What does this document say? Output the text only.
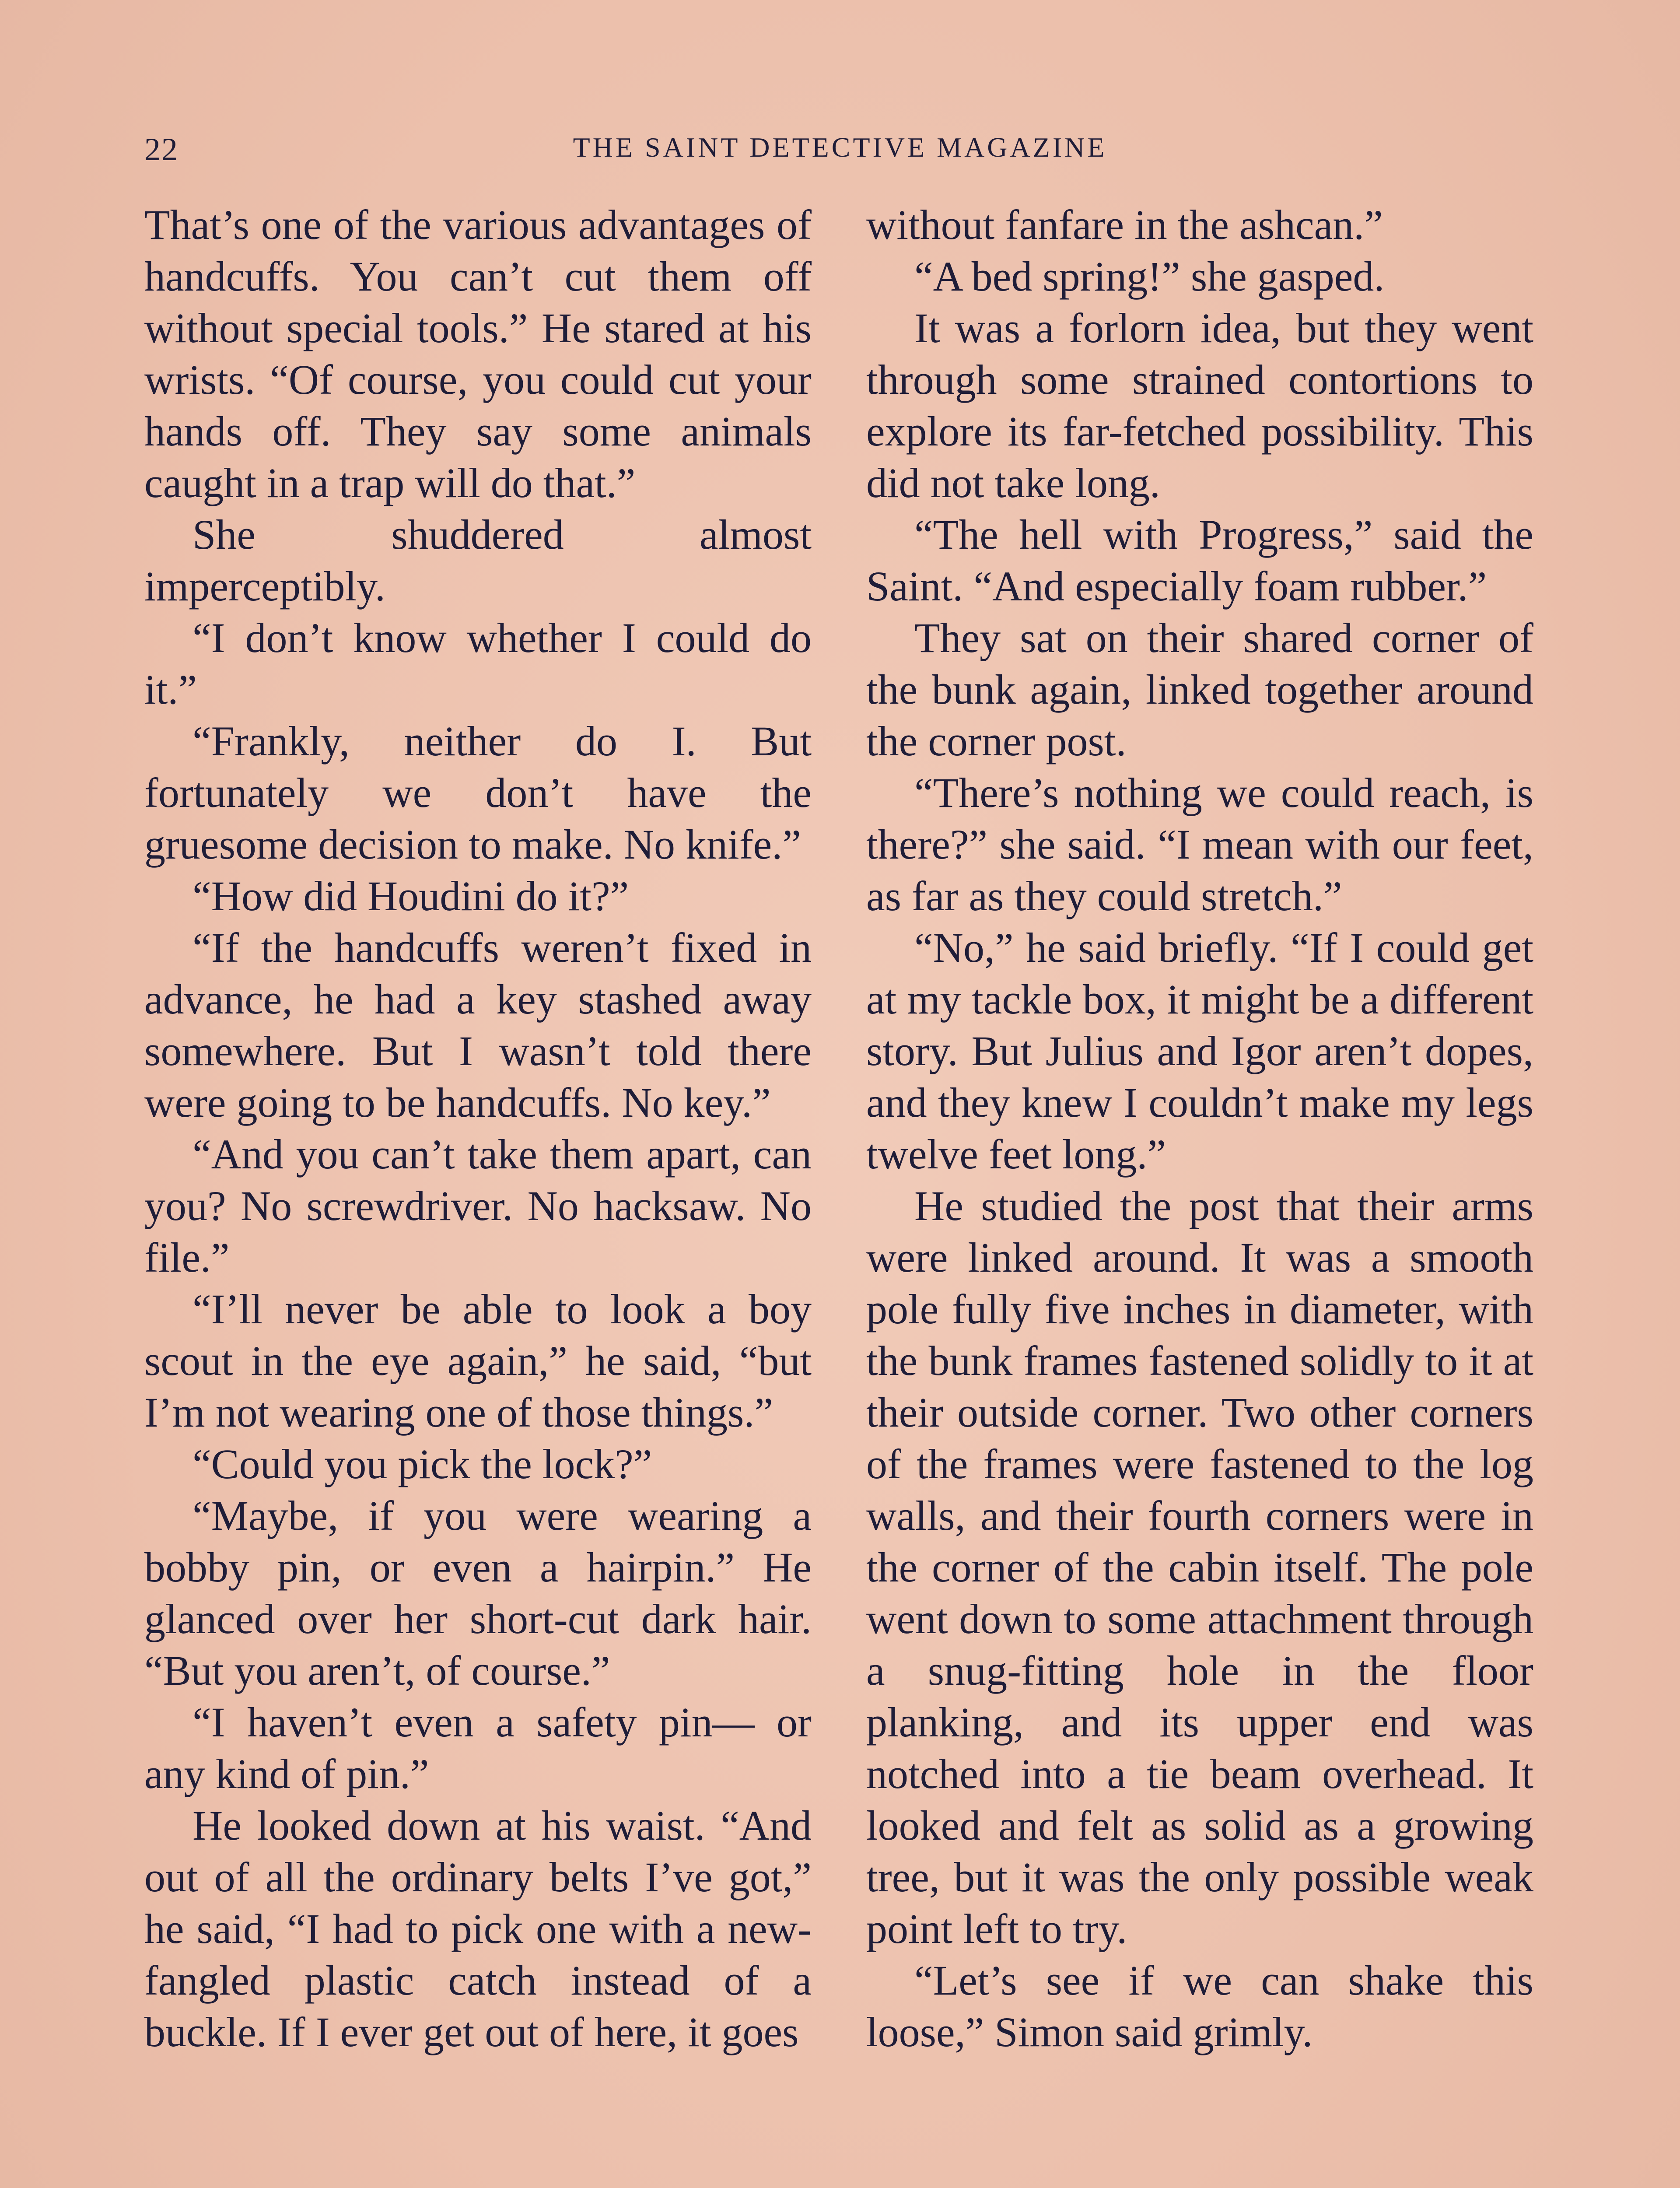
22	THE SAINT DETECTIVE MAGAZINE

That’s one of the various advantages of handcuffs. You can’t cut them off without special tools.” He stared at his wrists. “Of course, you could cut your hands off. They say some animals caught in a trap will do that.”

She shuddered almost imperceptibly.

“I don’t know whether I could do it.”

“Frankly, neither do I. But fortunately we don’t have the gruesome decision to make. No knife.”

“How did Houdini do it?”

“If the handcuffs weren’t fixed in advance, he had a key stashed away somewhere. But I wasn’t told there were going to be handcuffs. No key.”

“And you can’t take them apart, can you? No screwdriver. No hacksaw. No file.”

“I’ll never be able to look a boy scout in the eye again,” he said, “but I’m not wearing one of those things.”

“Could you pick the lock?”

“Maybe, if you were wearing a bobby pin, or even a hairpin.” He glanced over her short-cut dark hair. “But you aren’t, of course.”

“I haven’t even a safety pin— or any kind of pin.”

He looked down at his waist. “And out of all the ordinary belts I’ve got,” he said, “I had to pick one with a new-fangled plastic catch instead of a buckle. If I ever get out of here, it goes

without fanfare in the ashcan.”

“A bed spring!” she gasped.

It was a forlorn idea, but they went through some strained contortions to explore its far-fetched possibility. This did not take long.

“The hell with Progress,” said the Saint. “And especially foam rubber.”

They sat on their shared corner of the bunk again, linked together around the corner post.

“There’s nothing we could reach, is there?” she said. “I mean with our feet, as far as they could stretch.”

“No,” he said briefly. “If I could get at my tackle box, it might be a different story. But Julius and Igor aren’t dopes, and they knew I couldn’t make my legs twelve feet long.”

He studied the post that their arms were linked around. It was a smooth pole fully five inches in diameter, with the bunk frames fastened solidly to it at their outside corner. Two other corners of the frames were fastened to the log walls, and their fourth corners were in the corner of the cabin itself. The pole went down to some attachment through a snug-fitting hole in the floor planking, and its upper end was notched into a tie beam overhead. It looked and felt as solid as a growing tree, but it was the only possible weak point left to try.

“Let’s see if we can shake this loose,” Simon said grimly.
